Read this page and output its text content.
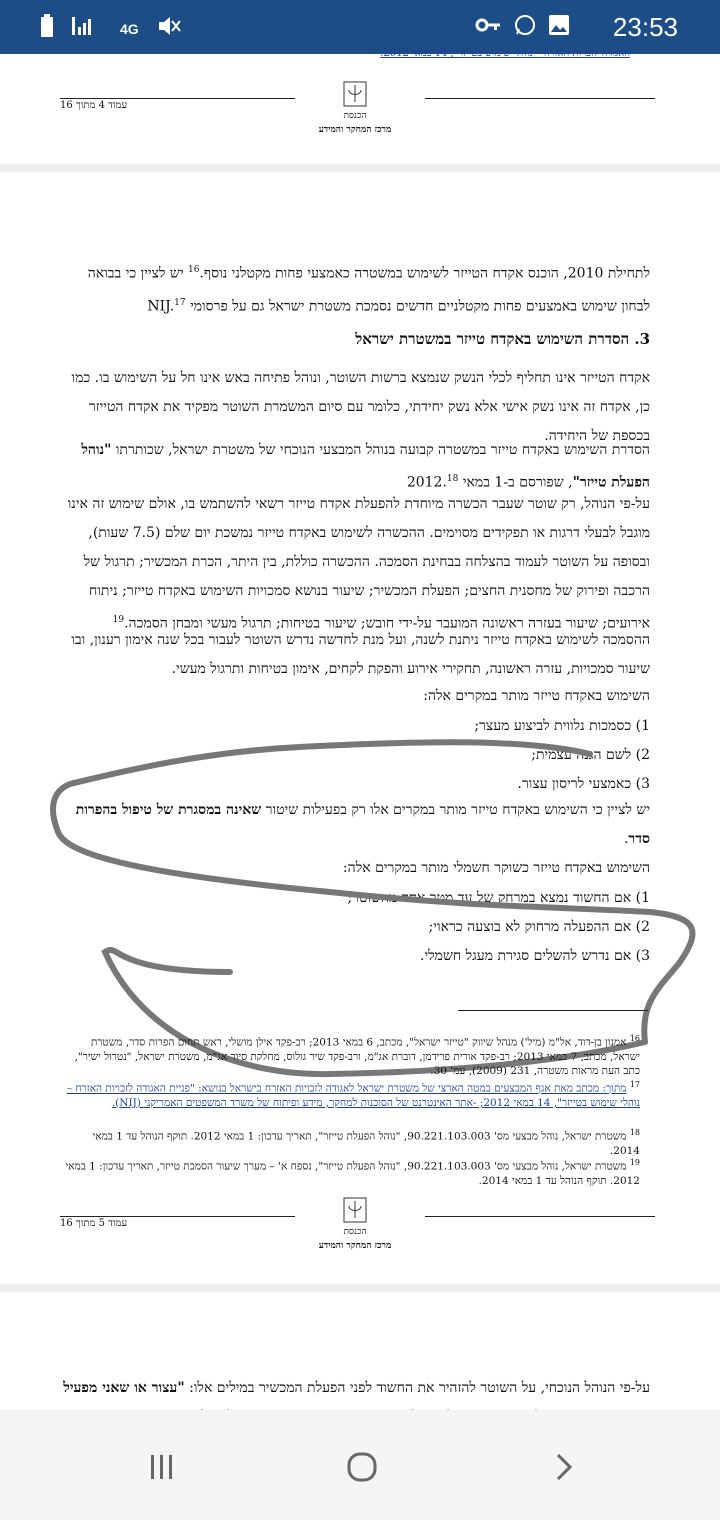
4G	23:53
האגודה לזכויות האזרח – נוהלי שימוש בטייזר", 14 במאי 2012.
עמוד 4 מתוך 16
הכנסת
מרכז המחקר והמידע
לתחילת 2010, הוכנס אקדח הטייזר לשימוש במשטרה כאמצעי פחות מקטלני נוסף.$^{16}$ יש לציין כי בבואה לבחון שימוש באמצעים פחות מקטלניים חדשים נסמכת משטרת ישראל גם על פרסומי NIJ.$^{17}$
3. הסדרת השימוש באקדח טייזר במשטרת ישראל
אקדח הטייזר אינו תחליף לכלי הנשק שנמצא ברשות השוטר, ונוהל פתיחה באש אינו חל על השימוש בו. כמו כן, אקדח זה אינו נשק אישי אלא נשק יחידתי, כלומר עם סיום המשמרת השוטר מפקיד את אקדח הטייזר בכספת של היחידה.
הסדרת השימוש באקדח טייזר במשטרה קבועה בנוהל המבצעי הנוכחי של משטרת ישראל, שכותרתו "נוהל הפעלת טייזר", שפורסם ב-1 במאי 2012.18
על-פי הנוהל, רק שוטר שעבר הכשרה מיוחדת להפעלת אקדח טייזר רשאי להשתמש בו, אולם שימוש זה אינו מוגבל לבעלי דרגות או תפקידים מסוימים. ההכשרה לשימוש באקדח טייזר נמשכת יום שלם (7.5 שעות), ובסופה על השוטר לעמוד בהצלחה בבחינת הסמכה. ההכשרה כוללת, בין היתר, הכרת המכשיר; תרגול של הרכבה ופירוק של מחסנית החצים; הפעלת המכשיר; שיעור בנושא סמכויות השימוש באקדח טייזר; ניתוח אירועים; שיעור בעזרה ראשונה המועבר על-ידי חובש; שיעור בטיחות; תרגול מעשי ומבחן הסמכה.$^{19}$
ההסמכה לשימוש באקדח טייזר ניתנת לשנה, ועל מנת לחדשה נדרש השוטר לעבור בכל שנה אימון רענון, ובו שיעור סמכויות, עזרה ראשונה, תחקירי אירוע והפקת לקחים, אימון בטיחות ותרגול מעשי.
השימוש באקדח טייזר מותר במקרים אלה:
1) כסמכות נלווית לביצוע מעצר;
2) לשם הגנה עצמית;
3) כאמצעי לריסון עצור.
יש לציין כי השימוש באקדח טייזר מותר במקרים אלו רק בפעילות שיטור שאינה במסגרת של טיפול בהפרות סדר.
השימוש באקדח טייזר כשוקר חשמלי מותר במקרים אלה:
1) אם החשוד נמצא במרחק של עד מטר אחד מהשוטר;
2) אם ההפעלה מרחוק לא בוצעה כראוי;
3) אם נדרש להשלים סגירת מעגל חשמלי.
$^{16}$ אמנון בן-דוד, אל"מ (מיל') מנהל שיווק "טייזר ישראל", מכתב, 6 במאי 2013; רב-פקד אילן מושלי, ראש תחום הפרות סדר, משטרת ישראל, מכתב, 7 במאי 2013; רב-פקד אורית פרידמן, דוברת אג"מ, ורב-פקד שיר גולוס, מחלקת סיור אג"מ, משטרת ישראל, "נטרול ישיר", כתב העת מראות משטרה, 231 (2009), עמ' 30.
$^{17}$ מתוך: מכתב מאת אגף המבצעים במטה הארצי של משטרת ישראל לאגודה לזכויות האזרח בישראל בנושא: "פניית האגודה לזכויות האזרח – נוהלי שימוש בטייזר", 14 במאי 2012; -אתר האינטרנט של הסוכנות למחקר, מידע ופיתוח של משרד המשפטים האמריקני (NIJ).
$^{18}$ משטרת ישראל, נוהל מבצעי מס' 90.221.103.003, "נוהל הפעלת טייזר", תאריך עדכון: 1 במאי 2012. תוקף הנוהל עד 1 במאי 2014.
$^{19}$ משטרת ישראל, נוהל מבצעי מס' 90.221.103.003, "נוהל הפעלת טייזר", נספח א' – מערך שיעור הסמכת טייזר, תאריך עדכון: 1 במאי 2012. תוקף הנוהל עד 1 במאי 2014.
עמוד 5 מתוך 16
הכנסת
מרכז המחקר והמידע
על-פי הנוהל הנוכחי, על השוטר להזהיר את החשוד לפני הפעלת המכשיר במילים אלו: "עצור או שאני מפעיל
